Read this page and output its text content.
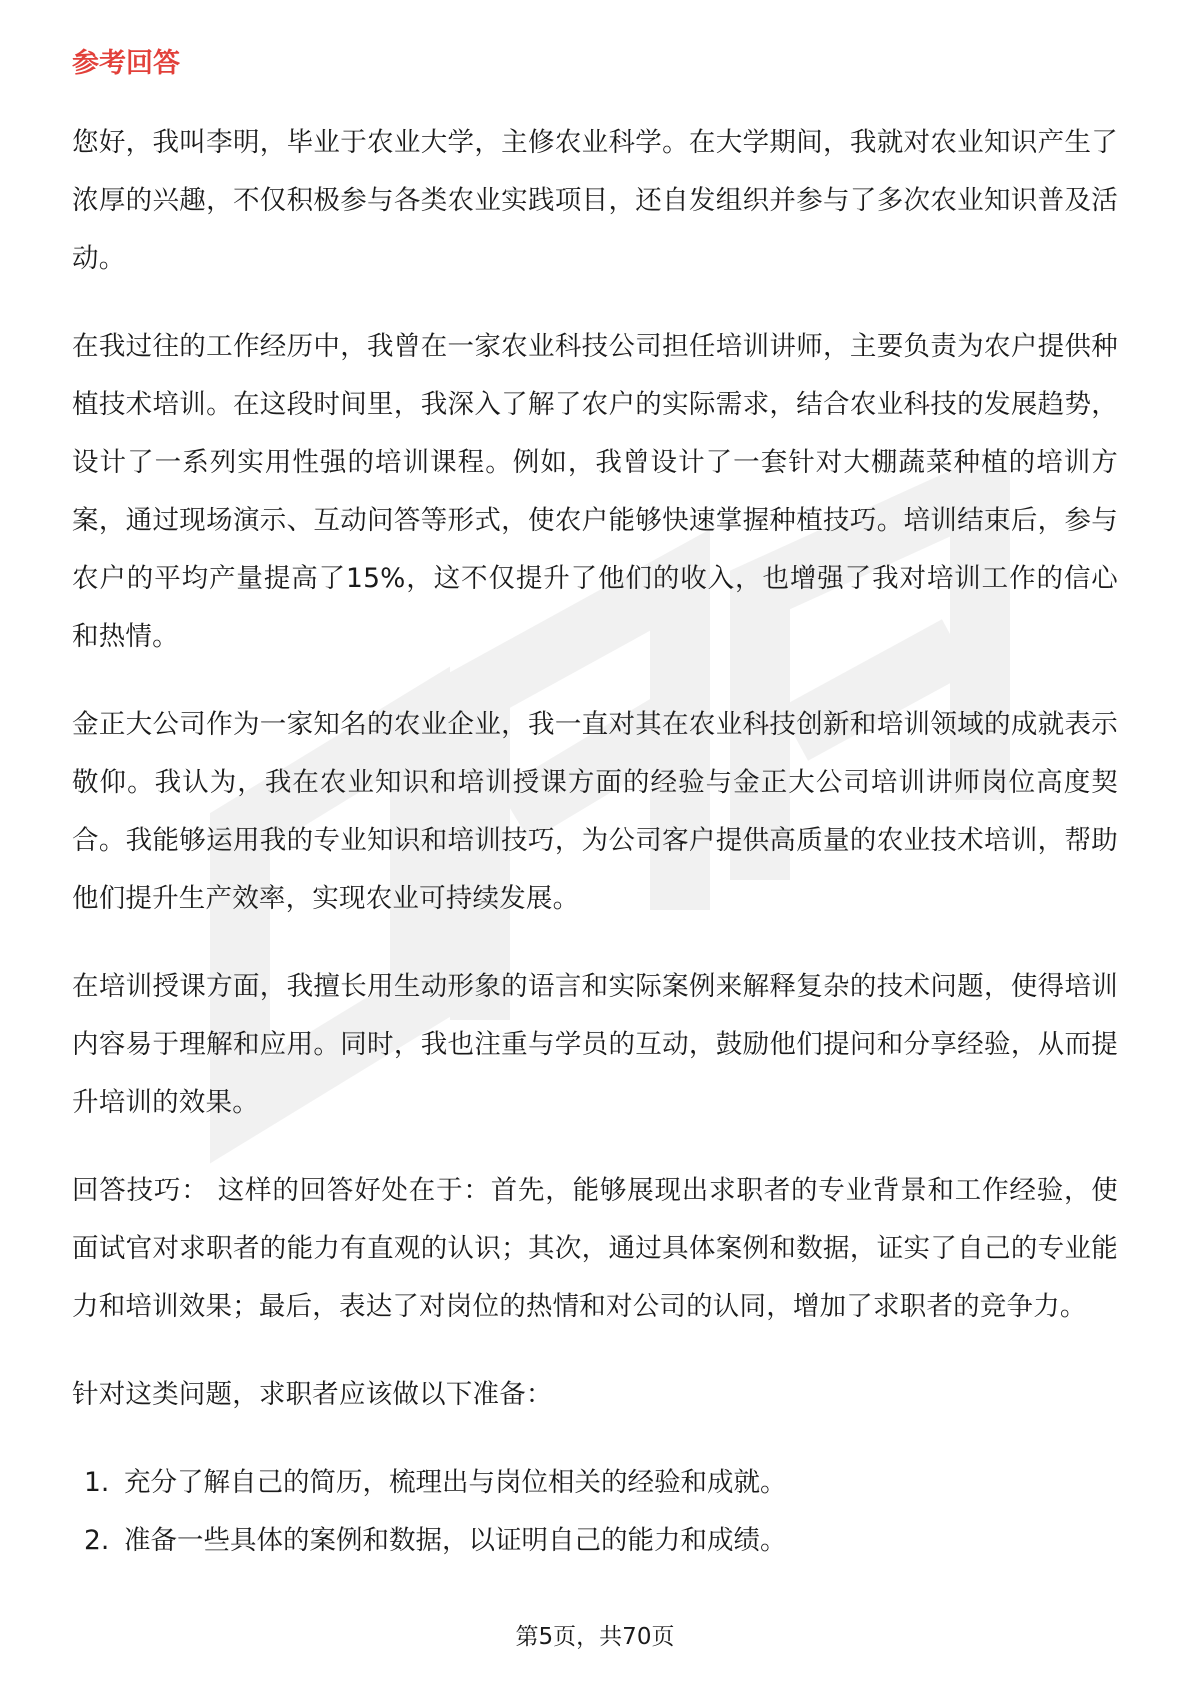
参考回答

您好，我叫李明，毕业于农业大学，主修农业科学。在大学期间，我就对农业知识产生了浓厚的兴趣，不仅积极参与各类农业实践项目，还自发组织并参与了多次农业知识普及活动。

在我过往的工作经历中，我曾在一家农业科技公司担任培训讲师，主要负责为农户提供种植技术培训。在这段时间里，我深入了解了农户的实际需求，结合农业科技的发展趋势，设计了一系列实用性强的培训课程。例如，我曾设计了一套针对大棚蔬菜种植的培训方案，通过现场演示、互动问答等形式，使农户能够快速掌握种植技巧。培训结束后，参与农户的平均产量提高了15%，这不仅提升了他们的收入，也增强了我对培训工作的信心和热情。

金正大公司作为一家知名的农业企业，我一直对其在农业科技创新和培训领域的成就表示敬仰。我认为，我在农业知识和培训授课方面的经验与金正大公司培训讲师岗位高度契合。我能够运用我的专业知识和培训技巧，为公司客户提供高质量的农业技术培训，帮助他们提升生产效率，实现农业可持续发展。

在培训授课方面，我擅长用生动形象的语言和实际案例来解释复杂的技术问题，使得培训内容易于理解和应用。同时，我也注重与学员的互动，鼓励他们提问和分享经验，从而提升培训的效果。

回答技巧： 这样的回答好处在于：首先，能够展现出求职者的专业背景和工作经验，使面试官对求职者的能力有直观的认识；其次，通过具体案例和数据，证实了自己的专业能力和培训效果；最后，表达了对岗位的热情和对公司的认同，增加了求职者的竞争力。

针对这类问题，求职者应该做以下准备：

1. 充分了解自己的简历，梳理出与岗位相关的经验和成就。
2. 准备一些具体的案例和数据，以证明自己的能力和成绩。
第5页，共70页
